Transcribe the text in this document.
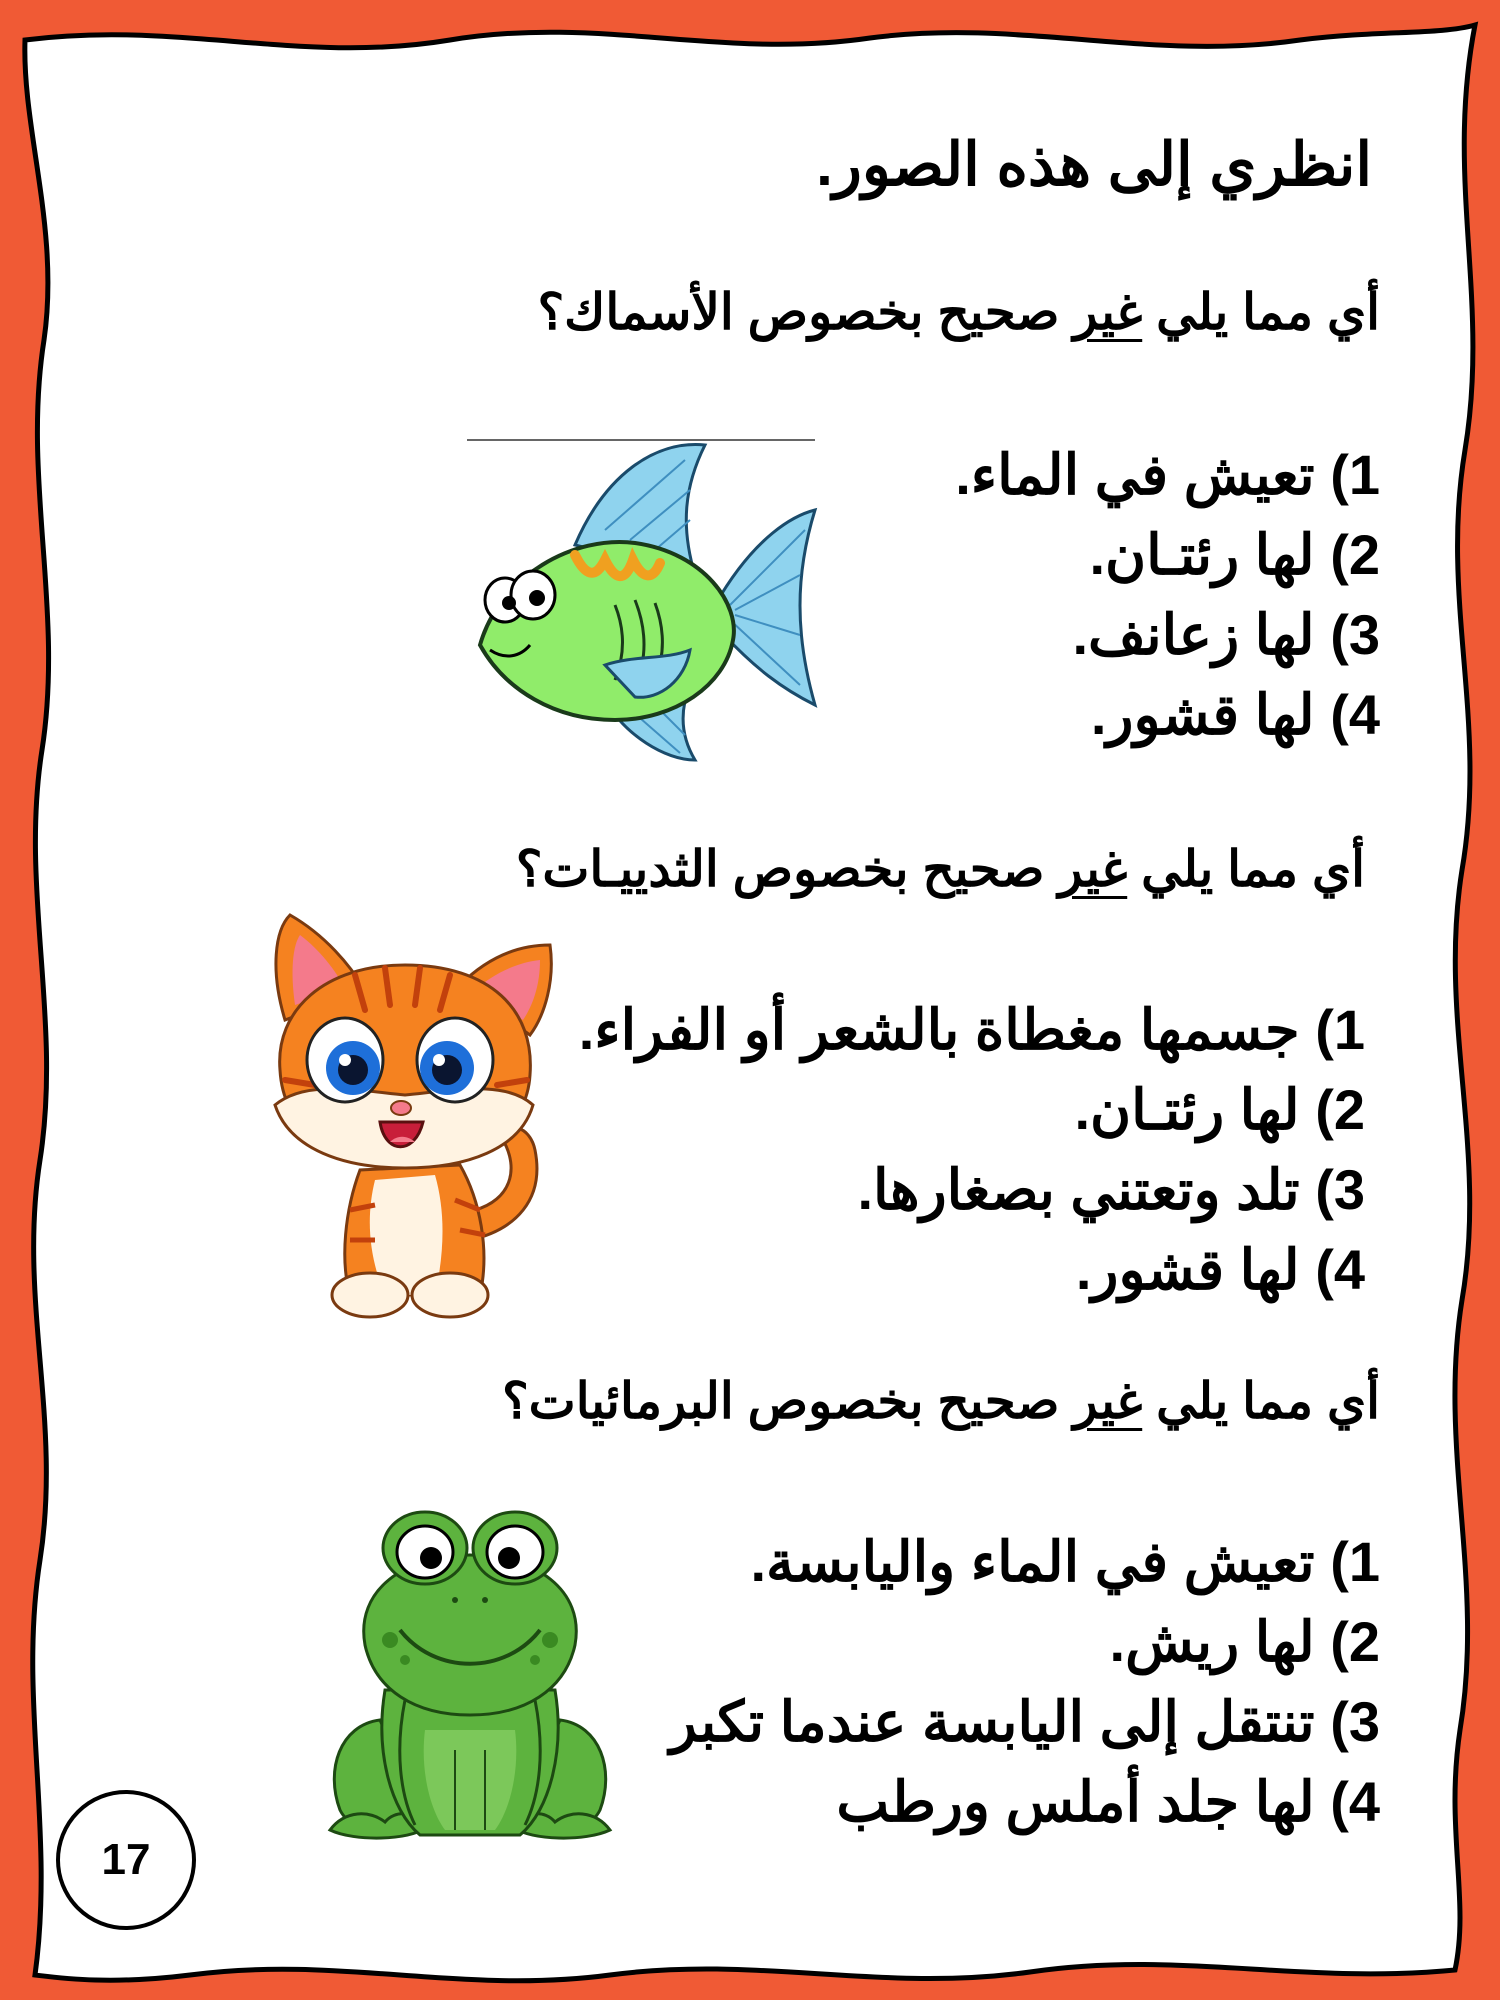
انظري إلى هذه الصور.
أي مما يلي غير صحيح بخصوص الأسماك؟
1) تعيش في الماء.
2) لها رئتـان.
3) لها زعانف.
4) لها قشور.
أي مما يلي غير صحيح بخصوص الثدييـات؟
1) جسمها مغطاة بالشعر أو الفراء.
2) لها رئتـان.
3) تلد وتعتني بصغارها.
4) لها قشور.
أي مما يلي غير صحيح بخصوص البرمائيات؟
1) تعيش في الماء واليابسة.
2) لها ريش.
3) تنتقل إلى اليابسة عندما تكبر
4) لها جلد أملس ورطب
17
